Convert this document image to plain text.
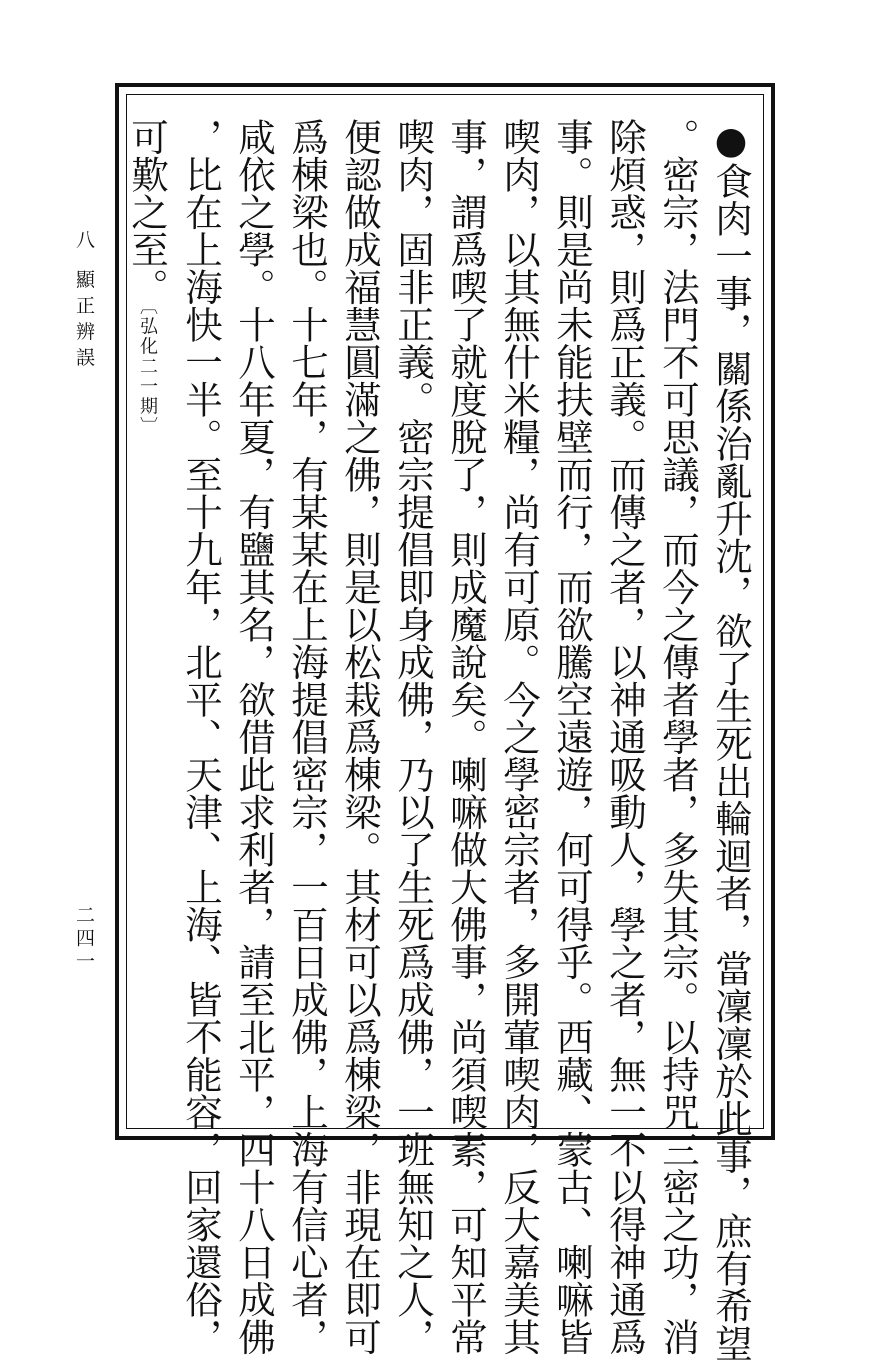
八 顯正辨誤
二四一
●食肉一事，關係治亂升沈，欲了生死出輪迴者，當凜凜於此事，庶有希望
。密宗，法門不可思議，而今之傳者學者，多失其宗。以持咒三密之功，消
除煩惑，則爲正義。而傳之者，以神通吸動人，學之者，無一不以得神通爲
事。則是尚未能扶壁而行，而欲騰空遠遊，何可得乎。西藏、蒙古、喇嘛皆
喫肉，以其無什米糧，尚有可原。今之學密宗者，多開葷喫肉，反大嘉美其
事，謂爲喫了就度脫了，則成魔說矣。喇嘛做大佛事，尚須喫素，可知平常
喫肉，固非正義。密宗提倡即身成佛，乃以了生死爲成佛，一班無知之人，
便認做成福慧圓滿之佛，則是以松栽爲棟梁。其材可以爲棟梁，非現在即可
爲棟梁也。十七年，有某某在上海提倡密宗，一百日成佛，上海有信心者，
咸依之學。十八年夏，有鹽其名，欲借此求利者，請至北平，四十八日成佛
，比在上海快一半。至十九年，北平、天津、上海、皆不能容，回家還俗，
可歎之至。〔弘化二一期〕
